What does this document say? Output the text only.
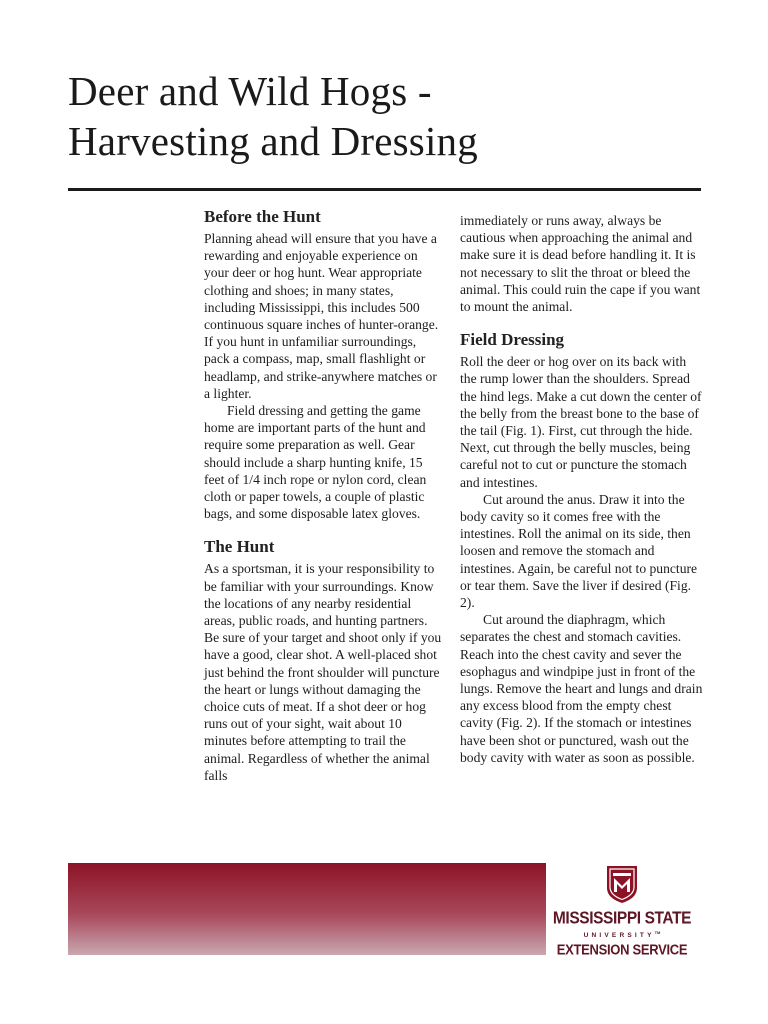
Deer and Wild Hogs -
Harvesting and Dressing
Before the Hunt

Planning ahead will ensure that you have a rewarding and enjoyable experience on your deer or hog hunt. Wear appropriate clothing and shoes; in many states, including Mississippi, this includes 500 continuous square inches of hunter-orange. If you hunt in unfamiliar surroundings, pack a compass, map, small flashlight or headlamp, and strike-anywhere matches or a lighter.

Field dressing and getting the game home are important parts of the hunt and require some preparation as well. Gear should include a sharp hunting knife, 15 feet of 1/4 inch rope or nylon cord, clean cloth or paper towels, a couple of plastic bags, and some disposable latex gloves.

The Hunt

As a sportsman, it is your responsibility to be familiar with your surroundings. Know the locations of any nearby residential areas, public roads, and hunting partners. Be sure of your target and shoot only if you have a good, clear shot. A well-placed shot just behind the front shoulder will puncture the heart or lungs without damaging the choice cuts of meat. If a shot deer or hog runs out of your sight, wait about 10 minutes before attempting to trail the animal. Regardless of whether the animal falls

immediately or runs away, always be cautious when approaching the animal and make sure it is dead before handling it. It is not necessary to slit the throat or bleed the animal. This could ruin the cape if you want to mount the animal.

Field Dressing

Roll the deer or hog over on its back with the rump lower than the shoulders. Spread the hind legs. Make a cut down the center of the belly from the breast bone to the base of the tail (Fig. 1). First, cut through the hide. Next, cut through the belly muscles, being careful not to cut or puncture the stomach and intestines.

Cut around the anus. Draw it into the body cavity so it comes free with the intestines. Roll the animal on its side, then loosen and remove the stomach and intestines. Again, be careful not to puncture or tear them. Save the liver if desired (Fig. 2).

Cut around the diaphragm, which separates the chest and stomach cavities. Reach into the chest cavity and sever the esophagus and windpipe just in front of the lungs. Remove the heart and lungs and drain any excess blood from the empty chest cavity (Fig. 2). If the stomach or intestines have been shot or punctured, wash out the body cavity with water as soon as possible.

MISSISSIPPI STATE
UNIVERSITY™
EXTENSION SERVICE
